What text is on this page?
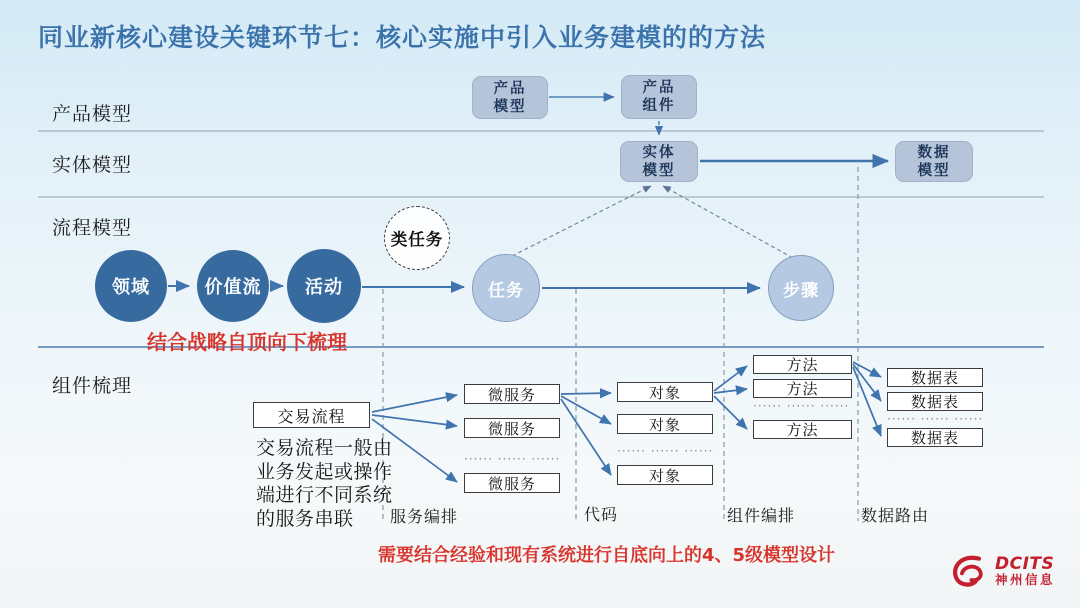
同业新核心建设关键环节七：核心实施中引入业务建模的的方法
产品模型
实体模型
流程模型
组件梳理
产品
模型
产品
组件
实体
模型
数据
模型
领域	价值流 活动	任务	步骤
类任务
结合战略自顶向下梳理
交易流程
交易流程一般由
业务发起或操作
端进行不同系统
的服务串联
微服务
微服务
······ ······ ······
微服务
对象
对象
······ ······ ······
对象
方法
方法
······ ······ ······
方法
数据表
数据表
······ ······ ······
数据表
服务编排	代码	组件编排	数据路由
需要结合经验和现有系统进行自底向上的4、5级模型设计	DCITS
神州信息
